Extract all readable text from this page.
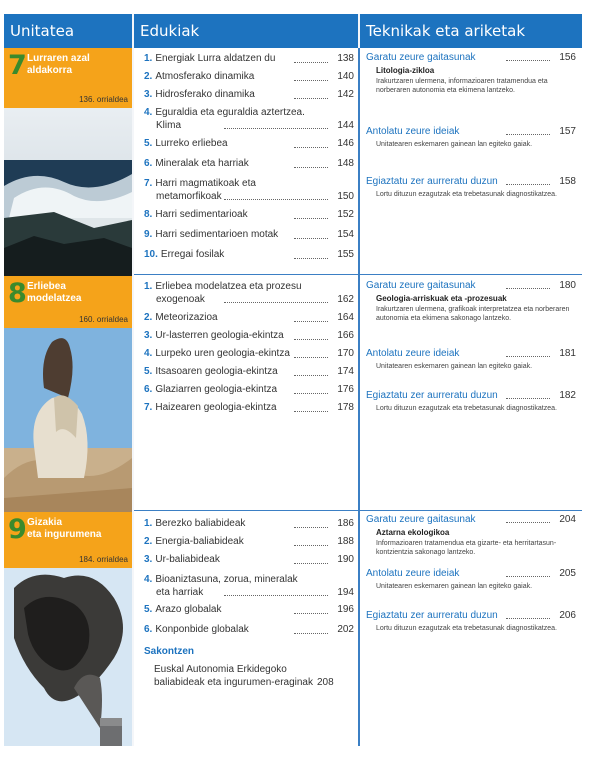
Unitatea	Edukiak	Teknikak eta ariketak
7 Lurraren azal
aldakorra
136. orrialdea
1. Energiak Lurra aldatzen du	138
2. Atmosferako dinamika	140
3. Hidrosferako dinamika	142
4. Eguraldia eta eguraldia aztertzea.
Klima	144
5. Lurreko erliebea	146
6. Mineralak eta harriak	148
7. Harri magmatikoak eta
metamorfikoak	150
8. Harri sedimentarioak	152
9. Harri sedimentarioen motak	154
10. Erregai fosilak	155
Garatu zeure gaitasunak	156
Litologia-zikloa
Irakurtzaren ulermena, informazioaren tratamendua eta norberaren autonomia eta ekimena lantzeko.
Antolatu zeure ideiak	157
Unitatearen eskemaren gainean lan egiteko gaiak.
Egiaztatu zer aurreratu duzun	158
Lortu dituzun ezagutzak eta trebetasunak diagnostikatzea.
8 Erliebea
modelatzea
160. orrialdea
1. Erliebea modelatzea eta prozesu
exogenoak	162
2. Meteorizazioa	164
3. Ur-lasterren geologia-ekintza	166
4. Lurpeko uren geologia-ekintza	170
5. Itsasoaren geologia-ekintza	174
6. Glaziarren geologia-ekintza	176
7. Haizearen geologia-ekintza	178
Garatu zeure gaitasunak	180
Geologia-arriskuak eta -prozesuak
Irakurtzaren ulermena, grafikoak interpretatzea eta norberaren autonomia eta ekimena sakonago lantzeko.
Antolatu zeure ideiak	181
Unitatearen eskemaren gainean lan egiteko gaiak.
Egiaztatu zer aurreratu duzun	182
Lortu dituzun ezagutzak eta trebetasunak diagnostikatzea.
9 Gizakia
eta ingurumena
184. orrialdea
1. Berezko baliabideak	186
2. Energia-baliabideak	188
3. Ur-baliabideak	190
4. Bioaniztasuna, zorua, mineralak
eta harriak	194
5. Arazo globalak	196
6. Konponbide globalak	202
Sakontzen
Euskal Autonomia Erkidegoko
baliabideak eta ingurumen-eraginak 208
Garatu zeure gaitasunak	204
Aztarna ekologikoa
Informazioaren tratamendua eta gizarte- eta herritartasun-kontzientzia sakonago lantzeko.
Antolatu zeure ideiak	205
Unitatearen eskemaren gainean lan egiteko gaiak.
Egiaztatu zer aurreratu duzun	206
Lortu dituzun ezagutzak eta trebetasunak diagnostikatzea.
